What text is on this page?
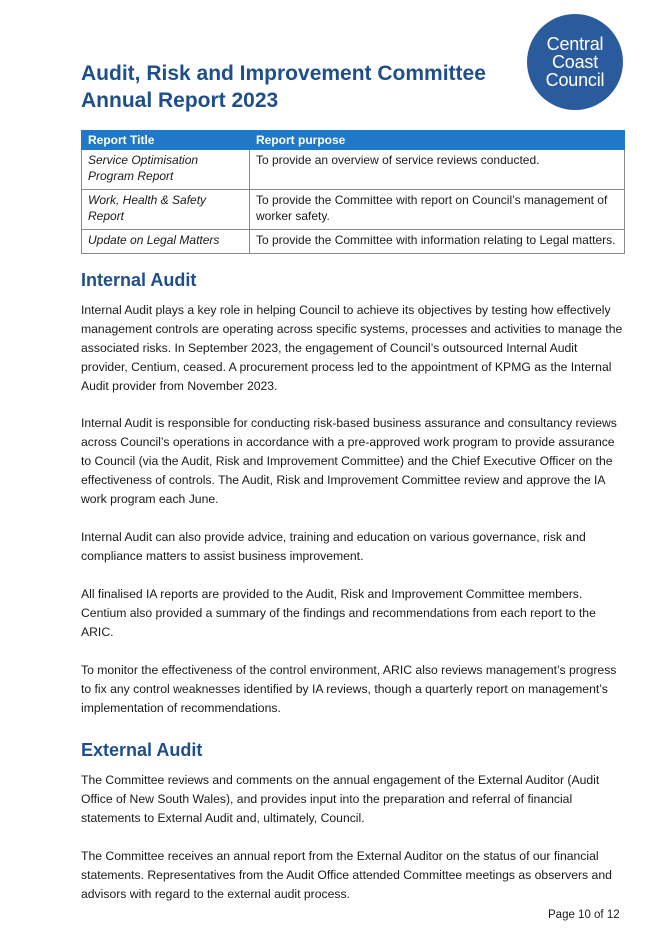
Audit, Risk and Improvement Committee
Annual Report 2023
Central
Coast
Council
Report Title	Report purpose
Service Optimisation Program Report	To provide an overview of service reviews conducted.
Work, Health & Safety Report	To provide the Committee with report on Council’s management of worker safety.
Update on Legal Matters	To provide the Committee with information relating to Legal matters.
Internal Audit
Internal Audit plays a key role in helping Council to achieve its objectives by testing how effectively management controls are operating across specific systems, processes and activities to manage the associated risks. In September 2023, the engagement of Council’s outsourced Internal Audit provider, Centium, ceased. A procurement process led to the appointment of KPMG as the Internal Audit provider from November 2023.
Internal Audit is responsible for conducting risk-based business assurance and consultancy reviews across Council’s operations in accordance with a pre-approved work program to provide assurance to Council (via the Audit, Risk and Improvement Committee) and the Chief Executive Officer on the effectiveness of controls. The Audit, Risk and Improvement Committee review and approve the IA work program each June.
Internal Audit can also provide advice, training and education on various governance, risk and compliance matters to assist business improvement.
All finalised IA reports are provided to the Audit, Risk and Improvement Committee members. Centium also provided a summary of the findings and recommendations from each report to the ARIC.
To monitor the effectiveness of the control environment, ARIC also reviews management’s progress to fix any control weaknesses identified by IA reviews, though a quarterly report on management’s implementation of recommendations.
External Audit
The Committee reviews and comments on the annual engagement of the External Auditor (Audit Office of New South Wales), and provides input into the preparation and referral of financial statements to External Audit and, ultimately, Council.
The Committee receives an annual report from the External Auditor on the status of our financial statements. Representatives from the Audit Office attended Committee meetings as observers and advisors with regard to the external audit process.
Page 10 of 12
